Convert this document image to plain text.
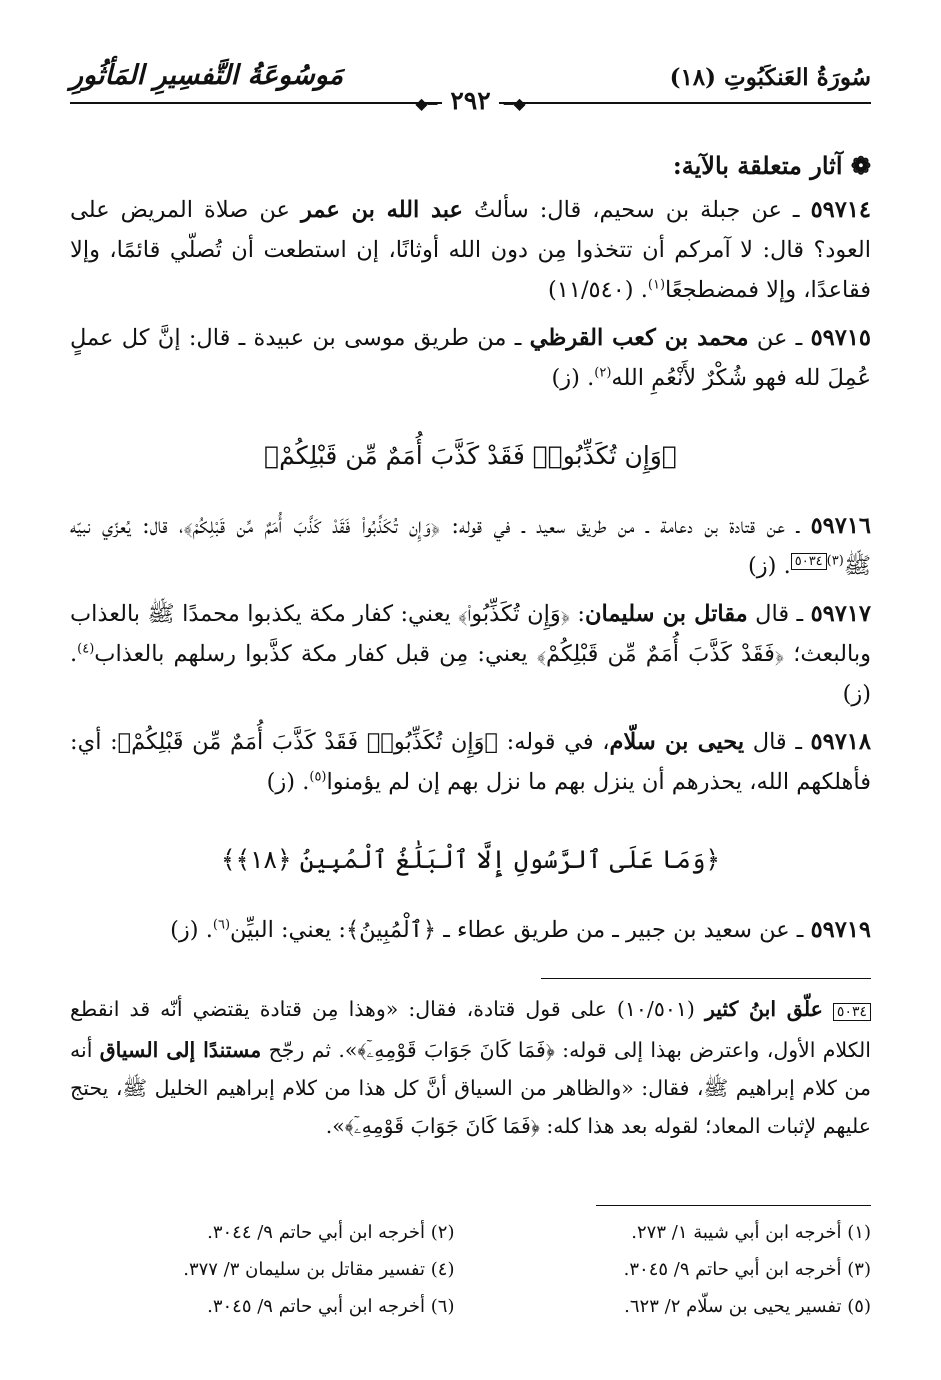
سُورَةُ العَنكَبُوتِ (١٨)
مَوسُوعَةُ التَّفسِيرِ المَأثُورِ
◆━ ٢٩٢ ━◆
❁ آثار متعلقة بالآية:

٥٩٧١٤ ـ عن جبلة بن سحيم، قال: سألتُ عبد الله بن عمر عن صلاة المريض على العود؟ قال: لا آمركم أن تتخذوا مِن دون الله أوثانًا، إن استطعت أن تُصلّي قائمًا، وإلا فقاعدًا، وإلا فمضطجعًا$^{(١)}$. (١١/٥٤٠)

٥٩٧١٥ ـ عن محمد بن كعب القرظي ـ من طريق موسى بن عبيدة ـ قال: إنَّ كل عملٍ عُمِلَ لله فهو شُكْرٌ لأَنْعُمِ الله$^{(٢)}$. (ز)

﴿وَإِن تُكَذِّبُوا۟ فَقَدْ كَذَّبَ أُمَمٌ مِّن قَبْلِكُمْ﴾

٥٩٧١٦ ـ عن قتادة بن دعامة ـ من طريق سعيد ـ في قوله: ﴿وَإِن تُكَذِّبُوا۟ فَقَدْ كَذَّبَ أُمَمٌ مِّن قَبْلِكُمْ﴾، قال: يُعزّي نبيّه ﷺ$^{(٣)٥٠٣٤}$. (ز)

٥٩٧١٧ ـ قال مقاتل بن سليمان: ﴿وَإِن تُكَذِّبُوا۟﴾ يعني: كفار مكة يكذبوا محمدًا ﷺ بالعذاب وبالبعث؛ ﴿فَقَدْ كَذَّبَ أُمَمٌ مِّن قَبْلِكُمْ﴾ يعني: مِن قبل كفار مكة كذَّبوا رسلهم بالعذاب$^{(٤)}$. (ز)

٥٩٧١٨ ـ قال يحيى بن سلّام، في قوله: ﴿وَإِن تُكَذِّبُوا۟ فَقَدْ كَذَّبَ أُمَمٌ مِّن قَبْلِكُمْ﴾: أي: فأهلكهم الله، يحذرهم أن ينزل بهم ما نزل بهم إن لم يؤمنوا$^{(٥)}$. (ز)

﴿وَمَا عَلَى ٱلرَّسُولِ إِلَّا ٱلْبَلَٰغُ ٱلْمُبِينُ ﴿١٨﴾﴾

٥٩٧١٩ ـ عن سعيد بن جبير ـ من طريق عطاء ـ ﴿ٱلْمُبِينُ﴾: يعني: البيِّن$^{(٦)}$. (ز)

٥٠٣٤ علّق ابنُ كثير (١٠/٥٠١) على قول قتادة، فقال: «وهذا مِن قتادة يقتضي أنّه قد انقطع الكلام الأول، واعترض بهذا إلى قوله: ﴿فَمَا كَانَ جَوَابَ قَوْمِهِۦٓ﴾». ثم رجّح مستندًا إلى السياق أنه من كلام إبراهيم ﷺ، فقال: «والظاهر من السياق أنَّ كل هذا من كلام إبراهيم الخليل ﷺ، يحتج عليهم لإثبات المعاد؛ لقوله بعد هذا كله: ﴿فَمَا كَانَ جَوَابَ قَوْمِهِۦٓ﴾».
(١) أخرجه ابن أبي شيبة ١/ ٢٧٣.
(٢) أخرجه ابن أبي حاتم ٩/ ٣٠٤٤.
(٣) أخرجه ابن أبي حاتم ٩/ ٣٠٤٥.
(٤) تفسير مقاتل بن سليمان ٣/ ٣٧٧.
(٥) تفسير يحيى بن سلّام ٢/ ٦٢٣.
(٦) أخرجه ابن أبي حاتم ٩/ ٣٠٤٥.
